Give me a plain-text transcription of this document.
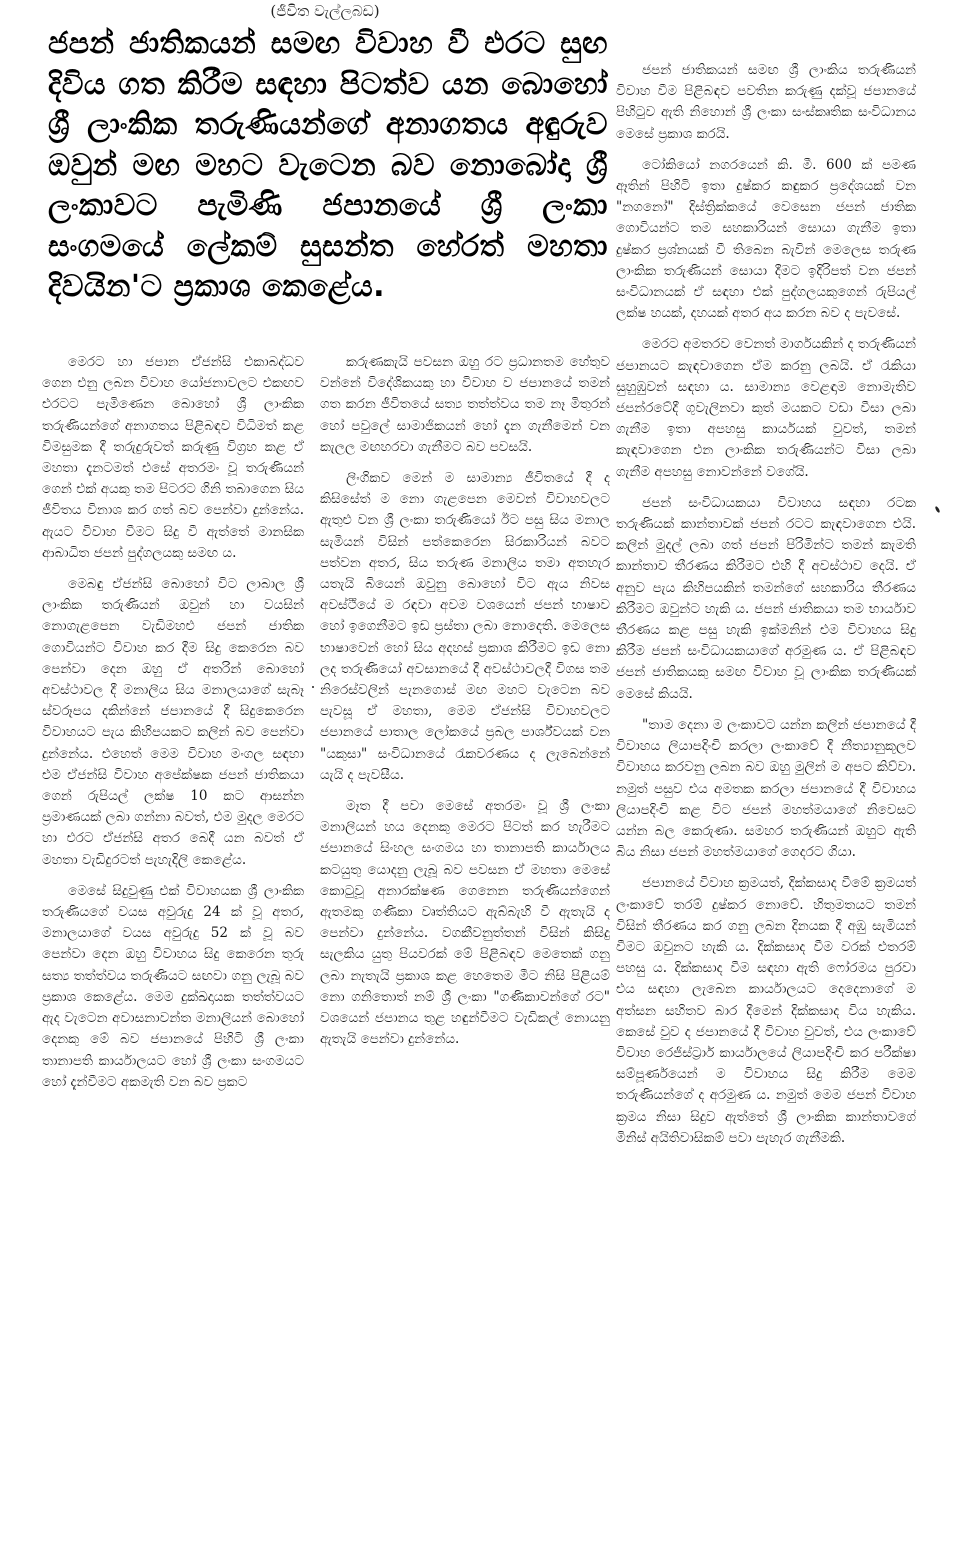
(ජීවිත වැල්ලබඩ)
ජපන් ජාතිකයන් සමඟ විවාහ වී එරට සුඟ දිවිය ගත කිරීම සඳහා පිටත්ව යන බොහෝ ශ්‍රී ලාංකික තරුණියන්ගේ අනාගතය අඳුරුව ඔවුන් මඟ මහට වැටෙන බව නොබෝදා ශ්‍රී ලංකාවට පැමිණි ජපානයේ ශ්‍රී ලංකා සංගමයේ ලේකම් සුසන්ත හේරත් මහතා දිවයින'ට ප්‍රකාශ කෙළේය.

මෙරට හා ජපාන ඒජන්සි එකාබද්ධව ගෙන එනු ලබන විවාහ යෝජනාවලට එකඟව එරටට පැමිණෙන බොහෝ ශ්‍රී ලාංකික තරුණියන්ගේ අනාගතය පිළිබඳව විධිමත් කළ විමසුමක දී තරුදුරුවත් කරුණු විග්‍රහ කළ ඒ මහතා දැනටමත් එසේ අතරමං වූ තරුණියන් ගෙන් එක් අයකු තම පිටරට ගිනි තබාගෙන සිය ජීවිතය විනාශ කර ගත් බව පෙන්වා දුන්නේය. ඇයට විවාහ වීමට සිදු වී ඇත්තේ මානසික ආබාධිත ජපන් පුද්ගලයකු සමඟ ය.

මෙබඳු ඒජන්සි බොහෝ විට ලාබාල ශ්‍රී ලාංකික තරුණියන් ඔවුන් හා වයසින් නොගැළපෙන වැඩිමහළු ජපන් ජාතික ගොවියන්ට විවාහ කර දීම සිදු කෙරෙන බව පෙන්වා දෙන ඔහු ඒ අතරින් බොහෝ අවස්ථාවල දී මනාලිය සිය මනාලයාගේ සැබෑ ස්වරූපය දකින්නේ ජපානයේ දී සිදුකෙරෙන විවාහයට පැය කිහිපයකට කලින් බව පෙන්වා දුන්නේය. එහෙත් මෙම විවාහ මංගල සඳහා එම ඒජන්සි විවාහ අපේක්ෂක ජපන් ජාතිකයා ගෙන් රුපියල් ලක්ෂ 10 කට ආසන්න ප්‍රමාණයක් ලබා ගන්නා බවත්, එම මුදල මෙරට හා එරට ඒජන්සි අතර බෙදී යන බවත් ඒ මහතා වැඩිදුරටත් පැහැදිලි කෙළේය.

මෙසේ සිදුවුණු එක් විවාහයක ශ්‍රී ලාංකික තරුණියගේ වයස අවුරුදු 24 ක් වූ අතර, මනාලයාගේ වයස අවුරුදු 52 ක් වූ බව පෙන්වා දෙන ඔහු විවාහය සිදු කෙරෙන තුරු සත්‍ය තත්ත්වය තරුණියට සඟවා ගනු ලැබූ බව ප්‍රකාශ කෙළේය. මෙම දුක්ඛදායක තත්ත්වයට ඇද වැටෙන අවාසනාවන්ත මනාලියන් බොහෝ දෙනකු මේ බව ජපානයේ පිහිටි ශ්‍රී ලංකා තානාපති කාර්යාලයට හෝ ශ්‍රී ලංකා සංගමයට හෝ දැන්වීමට අකමැති වන බව ප්‍රකට

කරුණකැයි පවසන ඔහු රට ප්‍රධානතම හේතුව වන්නේ විදේශිකයකු හා විවාහ ව ජපානයේ තමන් ගත කරන ජීවිතයේ සත්‍ය තත්ත්වය තම නෑ මිතුරන් හෝ පවුලේ සාමාජිකයන් හෝ දැන ගැනීමෙන් වන කැලල මඟහරවා ගැනීමට බව පවසයි.

ලිංගිකව මෙන් ම සාමාන්‍ය ජීවිතයේ දී ද කිසිසේත් ම නො ගැළපෙන මෙවන් විවාහවලට ඇතුළු වන ශ්‍රී ලංකා තරුණියෝ ඊට පසු සිය මනාල සැමියන් විසින් පත්කෙරෙන සිරකාරියන් බවට පත්වන අතර, සිය තරුණ මනාලිය තමා අතහැර යතැයි බියෙන් ඔවුනු බොහෝ විට ඇය නිවස අවස්ථියේ ම රඳවා අවම වශයෙන් ජපන් භාෂාව හෝ ඉගෙනීමට ඉඩ ප්‍රස්තා ලබා නොදෙති. මෙලෙස භාෂාවෙන් හෝ සිය අදහස් ප්‍රකාශ කිරීමට ඉඩ නො ලද තරුණියෝ අවසානයේ දී අවස්ථාවලදී විගස තම නිරෙස්වලින් පැනගොස් මඟ මහට වැටෙන බව පැවසූ ඒ මහතා, මෙම ඒජන්සි විවාහවලට ජපානයේ පාතාල ලෝකයේ ප්‍රබල පාර්ශ්වයක් වන "යකුසා" සංවිධානයේ රැකවරණය ද ලැබෙන්නේ යැයි ද පැවසීය.

මෑත දී පවා මෙසේ අතරමං වූ ශ්‍රී ලංකා මනාලියන් හය දෙනකු මෙරට පිටත් කර හැරීමට ජපානයේ සිංහල සංගමය හා තානාපති කාර්යාලය කටයුතු යොදනු ලැබූ බව පවසන ඒ මහතා මෙසේ කොටුවූ අනාරක්ෂණ ගෙනෙන තරුණියන්ගෙන් ඇතමකු ගණිකා වෘත්තියට ඇබ්බැහි වී ඇතැයි ද පෙන්වා දුන්නේය. වගකීවනුත්තන් විසින් කිසිදු සැලකිය යුතු පියවරක් මේ පිළිබඳව මෙතෙක් ගනු ලබා නැතැයි ප්‍රකාශ කළ හෙතෙම මීට නිසි පිළියම් නො ගනිතොත් නම් ශ්‍රී ලංකා "ගණිකාවන්ගේ රට" වශයෙන් ජපානය තුළ හඳුන්වීමට වැඩිකල් නොයනු ඇතැයි පෙන්වා දුන්නේය.

ජපන් ජාතිකයන් සමඟ ශ්‍රී ලාංකිය තරුණියන් විවාහ වීම පිළිබඳව පවතින කරුණු දක්වූ ජපානයේ පිහිටුව ඇති නිහොන් ශ්‍රී ලංකා සංස්කෘතික සංවිධානය මෙසේ ප්‍රකාශ කරයි.

ටෝකියෝ නගරයෙන් කි. මී. 600 ක් පමණ ඈතින් පිහිටි ඉතා දුෂ්කර කඳුකර ප්‍රදේශයක් වන "නගනෝ" දිස්ත්‍රික්කයේ වෙසෙන ජපන් ජාතික ගොවියන්ට තම සහකාරියන් සොයා ගැනීම ඉතා දුෂ්කර ප්‍රශ්නයක් වී තිබෙන බැවින් මෙලෙස තරුණ ලාංකික තරුණියන් සොයා දීමට ඉදිරිපත් වන ජපන් සංවිධානයක් ඒ සඳහා එක් පුද්ගලයකුගෙන් රුපියල් ලක්ෂ හයක්, දහයක් අතර අය කරන බව ද පැවසේ.

මෙරට අමතරව වෙනත් මාර්ගයකින් ද තරුණියන් ජපානයට කැඳවාගෙන ඒම කරනු ලබයි. ඒ රැකියා සුහුඹුවන් සඳහා ය. සාමාන්‍ය වෙළඳාම නොමැතිව ජපන්රටේදී ගුවැලිනවා කුත් මයකට වඩා වීසා ලබා ගැනීම ඉතා අපහසු කාර්යයක් වුවත්, තමන් කැඳවාගෙන එන ලාංකික තරුණියන්ට වීසා ලබා ගැනීම අපහසු නොවන්නේ වගේයි.

ජපන් සංවිධායකයා විවාහය සඳහා රටක තරුණියක් කාන්තාවක් ජපන් රටට කැඳවාගෙන එයි. කලින් මුදල් ලබා ගත් ජපන් පිරිමින්ට තමන් කැමති කාන්තාව තීරණය කිරීමට එහි දී අවස්ථාව දෙයි. ඒ අනුව පැය කිහිපයකින් තමන්ගේ සහකාරිය තීරණය කිරීමට ඔවුන්ට හැකි ය. ජපන් ජාතිකයා තම භාර්යාව තීරණය කළ පසු හැකි ඉක්මනින් එම විවාහය සිදු කිරීම ජපන් සංවිධායකයාගේ අරමුණ ය. ඒ පිළිබඳව ජපන් ජාතිකයකු සමඟ විවාහ වූ ලාංකික තරුණියක් මෙසේ කියයි.

"තාම දෙනා ම ලංකාවට යන්න කලින් ජපානයේ දී විවාහය ලියාපදිංචි කරලා ලංකාවේ දී නීත්‍යානුකූලව විවාහය කරවනු ලබන බව ඔහු මුලින් ම අපට කිව්වා. නමුත් පසුව එය අමතක කරලා ජපානයේ දී විවාහය ලියාපදිංචි කළ විට ජපන් මහත්මයාගේ නිවෙසට යන්න බල කෙරුණා. සමහර තරුණියන් ඔහුට ඇති බිය නිසා ජපන් මහත්මයාගේ ගෙදරට ගියා.

ජපානයේ විවාහ ක්‍රමයත්, දික්කසාද වීමේ ක්‍රමයත් ලංකාවේ තරම් දුෂ්කර නොවේ. හිතුමතයට තමන් විසින් තීරණය කර ගනු ලබන දිනයක දී අඹු සැමියන් වීමට ඔවුනට හැකි ය. දික්කසාද වීම වරක් එතරම් පහසු ය. දික්කසාද වීම සඳහා ඇති ෆෝරමය පුරවා එය සඳහා ලැබෙන කාර්යාලයට දෙදෙනාගේ ම අත්සන සහිතව බාර දීමෙන් දික්කසාද විය හැකිය. කෙසේ වුව ද ජපානයේ දී විවාහ වුවත්, එය ලංකාවේ විවාහ රෙජිස්ට්‍රාර් කාර්යාලයේ ලියාපදිංචි කර පරීක්ෂා සම්පූර්ණයෙන් ම විවාහය සිදු කිරීම මෙම තරුණියන්ගේ ද අරමුණ ය. නමුත් මෙම ජපන් විවාහ ක්‍රමය නිසා සිදුව ඇත්තේ ශ්‍රී ලාංකික කාන්තාවගේ මිනිස් අයිතිවාසිකම් පවා පැහැර ගැනීමකි.
